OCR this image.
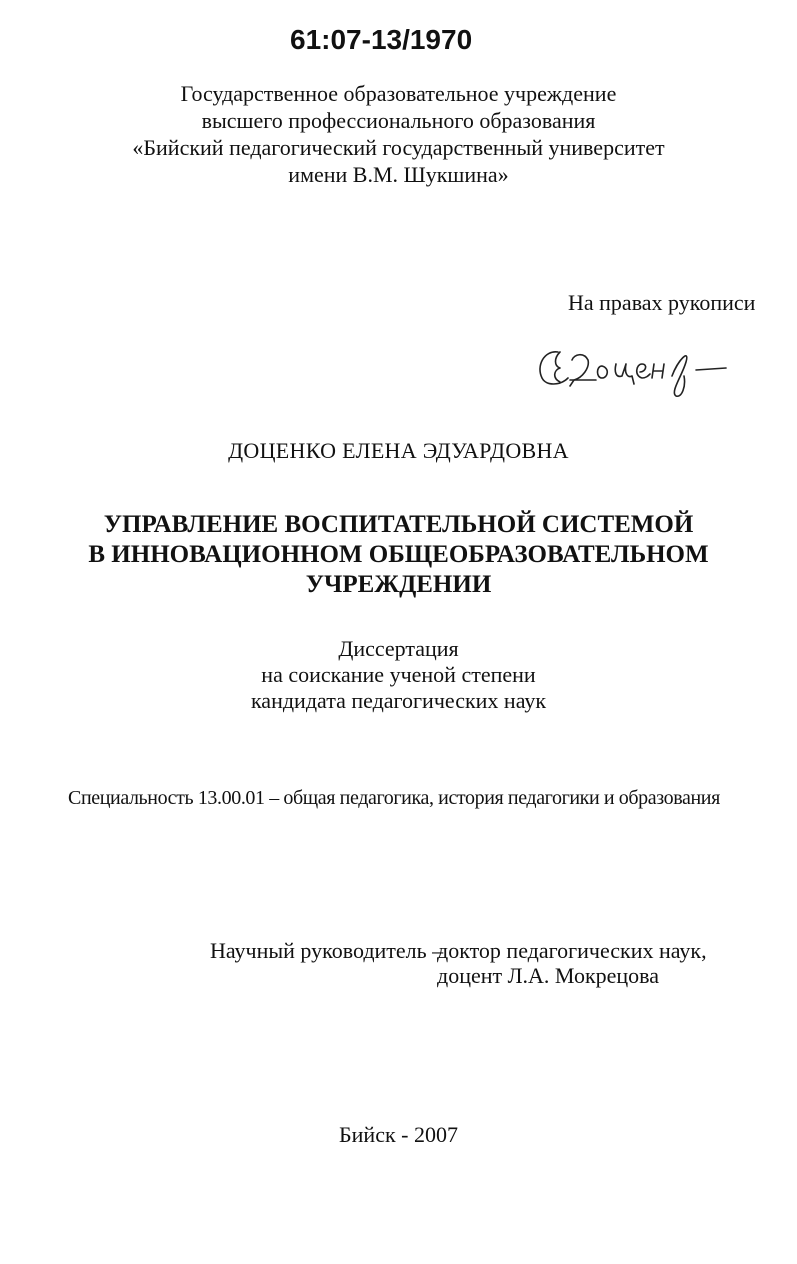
61:07-13/1970
Государственное образовательное учреждение
высшего профессионального образования
«Бийский педагогический государственный университет
имени В.М. Шукшина»
На правах рукописи
ДОЦЕНКО ЕЛЕНА ЭДУАРДОВНА
УПРАВЛЕНИЕ ВОСПИТАТЕЛЬНОЙ СИСТЕМОЙ
В ИННОВАЦИОННОМ ОБЩЕОБРАЗОВАТЕЛЬНОМ
УЧРЕЖДЕНИИ
Диссертация
на соискание ученой степени
кандидата педагогических наук
Специальность 13.00.01 – общая педагогика, история педагогики и образования
Научный руководитель –
доктор педагогических наук,
доцент Л.А. Мокрецова
Бийск - 2007
